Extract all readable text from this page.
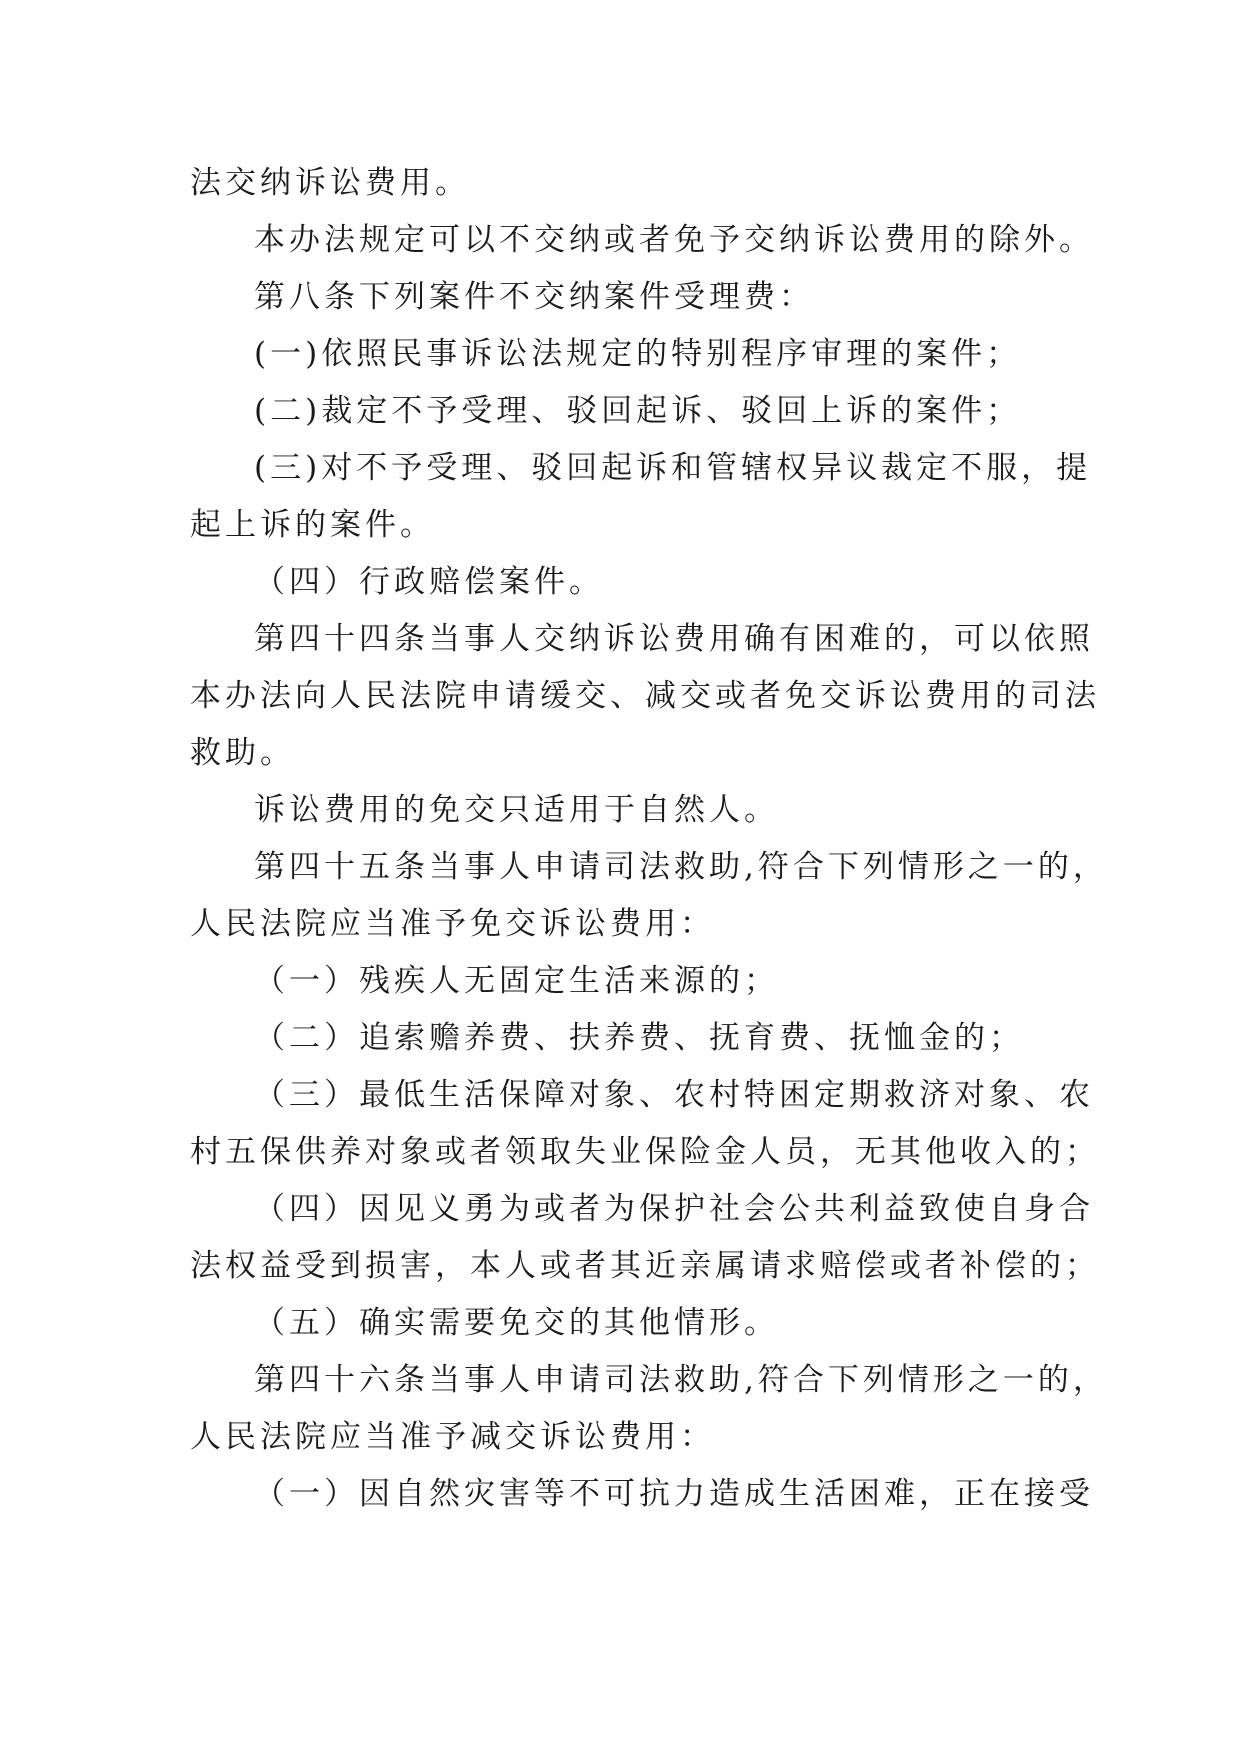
法交纳诉讼费用。
本办法规定可以不交纳或者免予交纳诉讼费用的除外。
第八条下列案件不交纳案件受理费：
(一)依照民事诉讼法规定的特别程序审理的案件；
(二)裁定不予受理、驳回起诉、驳回上诉的案件；
(三)对不予受理、驳回起诉和管辖权异议裁定不服，提
起上诉的案件。
（四）行政赔偿案件。
第四十四条当事人交纳诉讼费用确有困难的，可以依照
本办法向人民法院申请缓交、减交或者免交诉讼费用的司法
救助。
诉讼费用的免交只适用于自然人。
第四十五条当事人申请司法救助,符合下列情形之一的，
人民法院应当准予免交诉讼费用：
（一）残疾人无固定生活来源的；
（二）追索赡养费、扶养费、抚育费、抚恤金的；
（三）最低生活保障对象、农村特困定期救济对象、农
村五保供养对象或者领取失业保险金人员，无其他收入的；
（四）因见义勇为或者为保护社会公共利益致使自身合
法权益受到损害，本人或者其近亲属请求赔偿或者补偿的；
（五）确实需要免交的其他情形。
第四十六条当事人申请司法救助,符合下列情形之一的，
人民法院应当准予减交诉讼费用：
（一）因自然灾害等不可抗力造成生活困难，正在接受
